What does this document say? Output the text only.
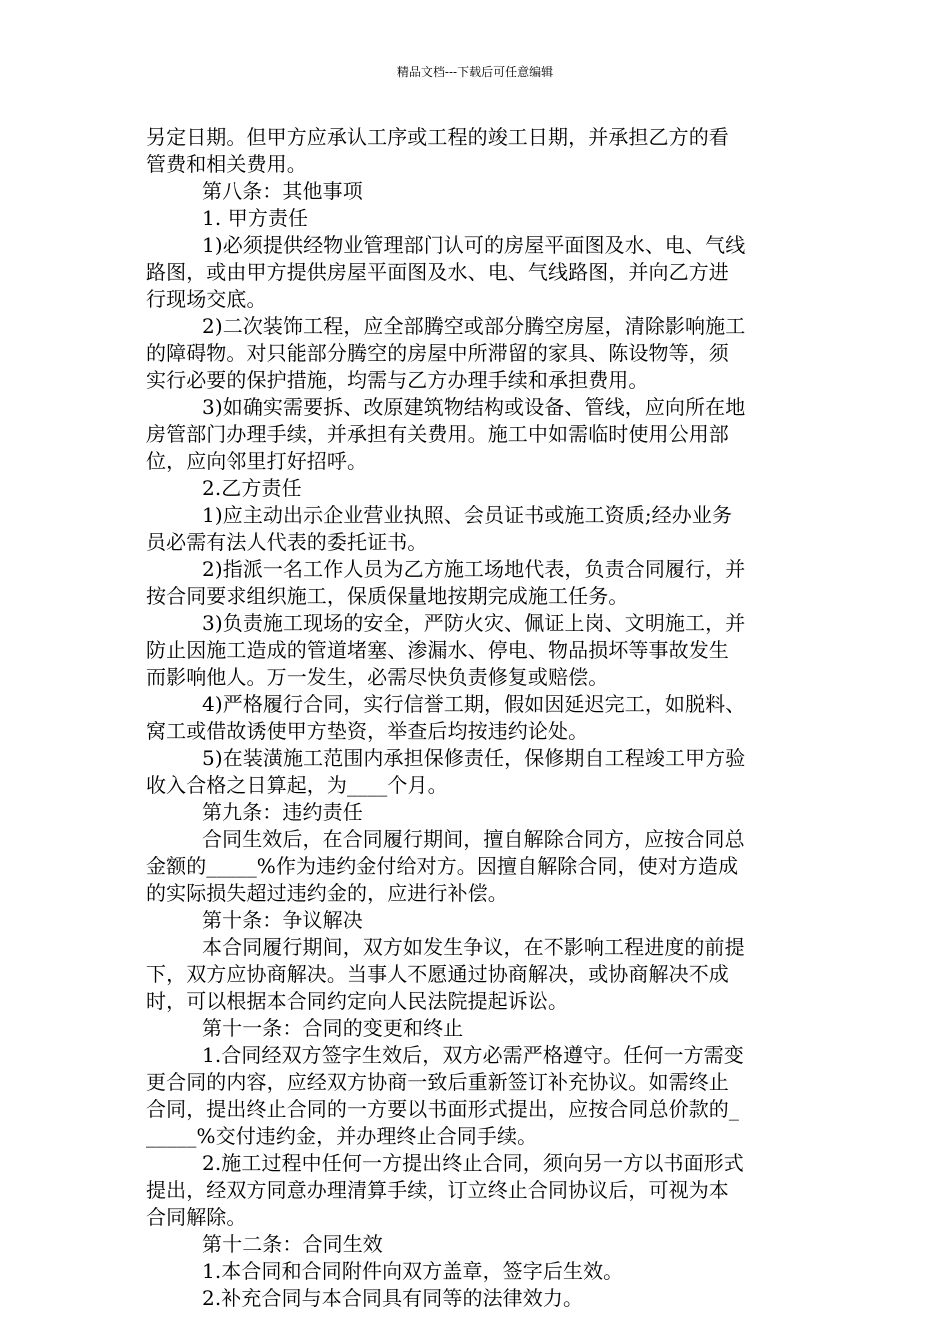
精品文档---下载后可任意编辑

另定日期。但甲方应承认工序或工程的竣工日期，并承担乙方的看

管费和相关费用。

第八条：其他事项

1. 甲方责任

1)必须提供经物业管理部门认可的房屋平面图及水、电、气线

路图，或由甲方提供房屋平面图及水、电、气线路图，并向乙方进

行现场交底。

2)二次装饰工程，应全部腾空或部分腾空房屋，清除影响施工

的障碍物。对只能部分腾空的房屋中所滞留的家具、陈设物等，须

实行必要的保护措施，均需与乙方办理手续和承担费用。

3)如确实需要拆、改原建筑物结构或设备、管线，应向所在地

房管部门办理手续，并承担有关费用。施工中如需临时使用公用部

位，应向邻里打好招呼。

2.乙方责任

1)应主动出示企业营业执照、会员证书或施工资质;经办业务

员必需有法人代表的委托证书。

2)指派一名工作人员为乙方施工场地代表，负责合同履行，并

按合同要求组织施工，保质保量地按期完成施工任务。

3)负责施工现场的安全，严防火灾、佩证上岗、文明施工，并

防止因施工造成的管道堵塞、渗漏水、停电、物品损坏等事故发生

而影响他人。万一发生，必需尽快负责修复或赔偿。

4)严格履行合同，实行信誉工期，假如因延迟完工，如脱料、

窝工或借故诱使甲方垫资，举查后均按违约论处。

5)在装潢施工范围内承担保修责任，保修期自工程竣工甲方验

收入合格之日算起，为____个月。

第九条：违约责任

合同生效后，在合同履行期间，擅自解除合同方，应按合同总

金额的_____%作为违约金付给对方。因擅自解除合同，使对方造成

的实际损失超过违约金的，应进行补偿。

第十条：争议解决

本合同履行期间，双方如发生争议，在不影响工程进度的前提

下，双方应协商解决。当事人不愿通过协商解决，或协商解决不成

时，可以根据本合同约定向人民法院提起诉讼。

第十一条：合同的变更和终止

1.合同经双方签字生效后，双方必需严格遵守。任何一方需变

更合同的内容，应经双方协商一致后重新签订补充协议。如需终止

合同，提出终止合同的一方要以书面形式提出，应按合同总价款的_

_____%交付违约金，并办理终止合同手续。

2.施工过程中任何一方提出终止合同，须向另一方以书面形式

提出，经双方同意办理清算手续，订立终止合同协议后，可视为本

合同解除。

第十二条：合同生效

1.本合同和合同附件向双方盖章，签字后生效。

2.补充合同与本合同具有同等的法律效力。
